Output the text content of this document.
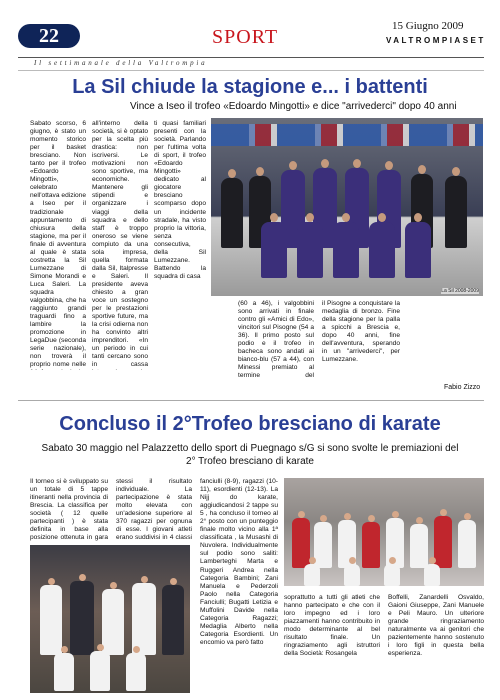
22	SPORT	15 Giugno 2009
VALTROMPIASET
Il settimanale della Valtrompia
La Sil chiude la stagione e... i battenti
Vince a Iseo il trofeo «Edoardo Mingotti» e dice "arrivederci" dopo 40 anni
Sabato scorso, 6 giugno, è stato un momento storico per il basket bresciano. Non tanto per il trofeo «Edoardo Mingotti», celebrato nell'ottava edizione a Iseo per il tradizionale appuntamento di chiusura della stagione, ma per il finale di avventura al quale è stata costretta la Sil Lumezzane di Simone Morandi e Luca Saleri. La squadra valgobbina, che ha raggiunto grandi traguardi fino a lambire la promozione in LegaDue (seconda serie nazionale), non troverà il proprio nome nelle
all'interno della società, si è optato per la scelta più drastica: non iscriversi. Le motivazioni non sono sportive, ma economiche. Mantenere gli stipendi e organizzare i viaggi della squadra e dello staff è troppo oneroso se viene compiuto da una sola impresa, quella formata dalla Sil, Italpresse e Saleri. Il presidente aveva chiesto a gran voce un sostegno per le prestazioni sportive future, ma la crisi odierna non ha convinto altri imprenditori. «In un periodo in cui tanti cercano sono in cassa
La Sil 2008-2009
ti quasi familiari presenti con la società. Parlando per l'ultima volta di sport, il trofeo «Edoardo Mingotti» dedicato al giocatore bresciano scomparso dopo un incidente stradale, ha visto proprio la vittoria, senza consecutiva, della Sil Lumezzane. Battendo la squadra di casa
(60 a 46), i valgobbini sono arrivati in finale contro gli «Amici di Edo», vincitori sul Pisogne (54 a 36). Il primo posto sul podio e il trofeo in bacheca sono andati ai bianco-blu (57 a 44), con Minessi premiato al termine del
il Pisogne a conquistare la medaglia di bronzo. Fine della stagione per la palla a spicchi a Brescia e, dopo 40 anni, fine dell'avventura, sperando in un "arrivederci", per Lumezzane.
Fabio Zizzo
Concluso il 2°Trofeo bresciano di karate
Sabato 30 maggio nel Palazzetto dello sport di Puegnago s/G si sono svolte le premiazioni del 2° Trofeo bresciano di karate
Il torneo si è sviluppato su un totale di 5 tappe itineranti nella provincia di Brescia. La classifica per società ( 12 quelle partecipanti ) è stata definita in base alla posizione ottenuta in gara
stessi il risultato individuale. La partecipazione è stata molto elevata con un'adesione superiore al 370 ragazzi per ognuna di esse. I giovani atleti erano suddivisi in 4 classi
fanciulli (8-9), ragazzi (10-11), esordienti (12-13). La Nijj do karate, aggiudicandosi 2 tappe su 5 , ha concluso il torneo al 2° posto con un punteggio finale molto vicino alla 1ª classificata , la Musashi di Nuvolera. Individualmente sul podio sono saliti: Lamberteghi Marta e Ruggeri Andrea nella Categoria Bambini; Zani Manuela e Pederzoli Paolo nella Categoria Fanciulli; Bugatti Letizia e Muffolini Davide nella Categoria Ragazzi; Medaglia Alberto nella Categoria Esordienti. Un encomio va però fatto
soprattutto a tutti gli atleti che hanno partecipato e che con il loro impegno ed i loro piazzamenti hanno contribuito in modo determinante al bel risultato finale. Un ringraziamento agli istruttori della Società: Rosangela
Boffelli, Zanardelli Osvaldo, Gaioni Giuseppe, Zani Manuele e Peli Mauro. Un ulteriore grande ringraziamento naturalmente va ai genitori che pazientemente hanno sostenuto i loro figli in questa bella esperienza.
